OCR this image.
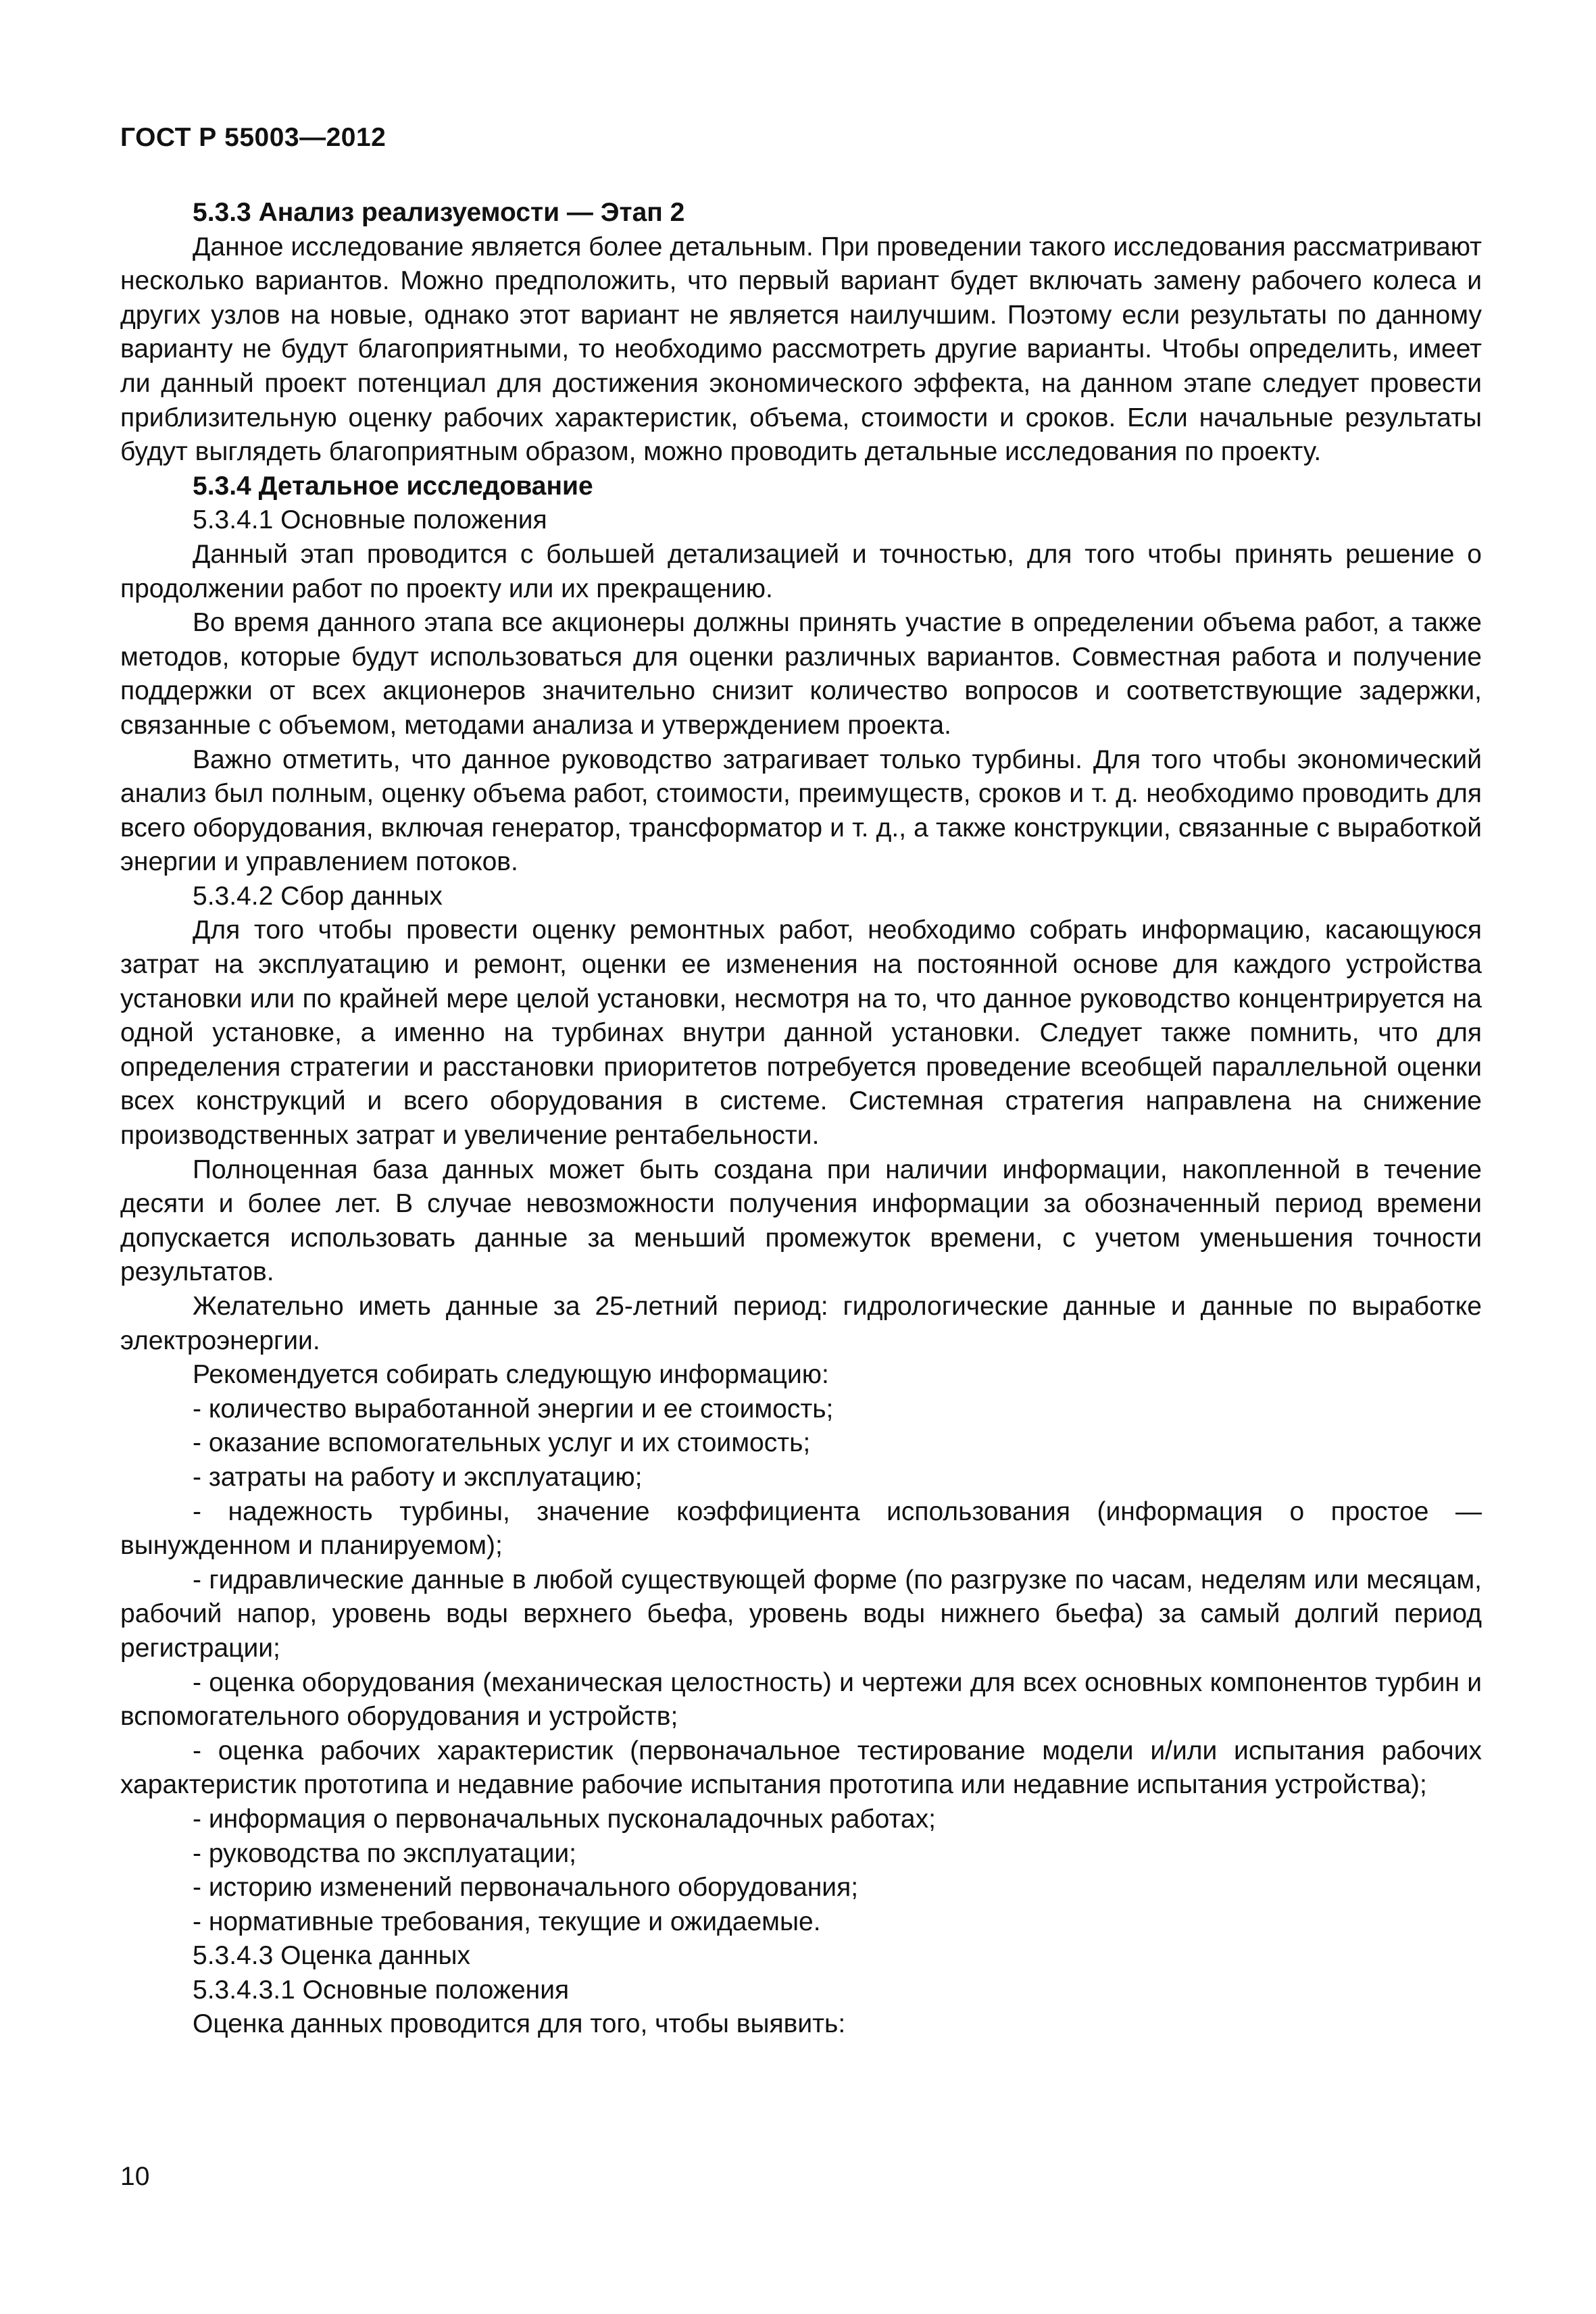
ГОСТ Р 55003—2012

5.3.3 Анализ реализуемости — Этап 2

Данное исследование является более детальным. При проведении такого исследования рассматривают несколько вариантов. Можно предположить, что первый вариант будет включать замену рабочего колеса и других узлов на новые, однако этот вариант не является наилучшим. Поэтому если результаты по данному варианту не будут благоприятными, то необходимо рассмотреть другие варианты. Чтобы определить, имеет ли данный проект потенциал для достижения экономического эффекта, на данном этапе следует провести приблизительную оценку рабочих характеристик, объема, стоимости и сроков. Если начальные результаты будут выглядеть благоприятным образом, можно проводить детальные исследования по проекту.

5.3.4 Детальное исследование

5.3.4.1 Основные положения

Данный этап проводится с большей детализацией и точностью, для того чтобы принять решение о продолжении работ по проекту или их прекращению.

Во время данного этапа все акционеры должны принять участие в определении объема работ, а также методов, которые будут использоваться для оценки различных вариантов. Совместная работа и получение поддержки от всех акционеров значительно снизит количество вопросов и соответствующие задержки, связанные с объемом, методами анализа и утверждением проекта.

Важно отметить, что данное руководство затрагивает только турбины. Для того чтобы экономический анализ был полным, оценку объема работ, стоимости, преимуществ, сроков и т. д. необходимо проводить для всего оборудования, включая генератор, трансформатор и т. д., а также конструкции, связанные с выработкой энергии и управлением потоков.

5.3.4.2 Сбор данных

Для того чтобы провести оценку ремонтных работ, необходимо собрать информацию, касающуюся затрат на эксплуатацию и ремонт, оценки ее изменения на постоянной основе для каждого устройства установки или по крайней мере целой установки, несмотря на то, что данное руководство концентрируется на одной установке, а именно на турбинах внутри данной установки. Следует также помнить, что для определения стратегии и расстановки приоритетов потребуется проведение всеобщей параллельной оценки всех конструкций и всего оборудования в системе. Системная стратегия направлена на снижение производственных затрат и увеличение рентабельности.

Полноценная база данных может быть создана при наличии информации, накопленной в течение десяти и более лет. В случае невозможности получения информации за обозначенный период времени допускается использовать данные за меньший промежуток времени, с учетом уменьшения точности результатов.

Желательно иметь данные за 25-летний период: гидрологические данные и данные по выработке электроэнергии.

Рекомендуется собирать следующую информацию:

- количество выработанной энергии и ее стоимость;

- оказание вспомогательных услуг и их стоимость;

- затраты на работу и эксплуатацию;

- надежность турбины, значение коэффициента использования (информация о простое — вынужденном и планируемом);

- гидравлические данные в любой существующей форме (по разгрузке по часам, неделям или месяцам, рабочий напор, уровень воды верхнего бьефа, уровень воды нижнего бьефа) за самый долгий период регистрации;

- оценка оборудования (механическая целостность) и чертежи для всех основных компонентов турбин и вспомогательного оборудования и устройств;

- оценка рабочих характеристик (первоначальное тестирование модели и/или испытания рабочих характеристик прототипа и недавние рабочие испытания прототипа или недавние испытания устройства);

- информация о первоначальных пусконаладочных работах;

- руководства по эксплуатации;

- историю изменений первоначального оборудования;

- нормативные требования, текущие и ожидаемые.

5.3.4.3 Оценка данных

5.3.4.3.1 Основные положения

Оценка данных проводится для того, чтобы выявить:

10
